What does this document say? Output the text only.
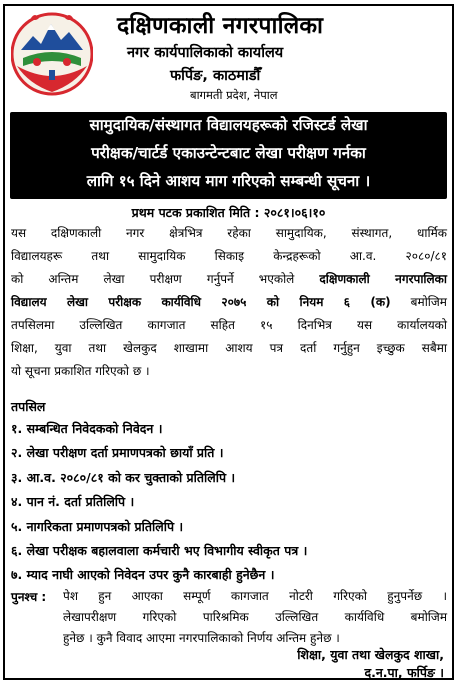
दक्षिणकाली नगरपालिका
नगर कार्यपालिकाको कार्यालय
फर्पिङ, काठमाडौँ
बागमती प्रदेश, नेपाल
सामुदायिक/संस्थागत विद्यालयहरूको रजिस्टर्ड लेखा
परीक्षक/चार्टर्ड एकाउन्टेन्टबाट लेखा परीक्षण गर्नका
लागि १५ दिने आशय माग गरिएको सम्बन्धी सूचना ।
प्रथम पटक प्रकाशित मिति : २०८१।०६।१०
यस दक्षिणकाली नगर क्षेत्रभित्र रहेका सामुदायिक, संस्थागत, धार्मिक
विद्यालयहरू तथा सामुदायिक सिकाइ केन्द्रहरूको आ.व. २०८०/८१
को अन्तिम लेखा परीक्षण गर्नुपर्ने भएकोले दक्षिणकाली नगरपालिका
विद्यालय लेखा परीक्षक कार्यविधि २०७५ को नियम ६ (क) बमोजिम
तपसिलमा उल्लिखित कागजात सहित १५ दिनभित्र यस कार्यालयको
शिक्षा, युवा तथा खेलकुद शाखामा आशय पत्र दर्ता गर्नुहुन इच्छुक सबैमा
यो सूचना प्रकाशित गरिएको छ ।
तपसिल
१. सम्बन्धित निवेदकको निवेदन ।
२. लेखा परीक्षण दर्ता प्रमाणपत्रको छायाँ प्रति ।
३. आ.व. २०८०/८१ को कर चुक्ताको प्रतिलिपि ।
४. पान नं. दर्ता प्रतिलिपि ।
५. नागरिकता प्रमाणपत्रको प्रतिलिपि ।
६. लेखा परीक्षक बहालवाला कर्मचारी भए विभागीय स्वीकृत पत्र ।
७. म्याद नाघी आएको निवेदन उपर कुनै कारबाही हुनेछैन ।
पुनश्च : पेश हुन आएका सम्पूर्ण कागजात नोटरी गरिएको हुनुपर्नेछ ।
लेखापरीक्षण गरिएको पारिश्रमिक उल्लिखित कार्यविधि बमोजिम
हुनेछ । कुनै विवाद आएमा नगरपालिकाको निर्णय अन्तिम हुनेछ ।
शिक्षा, युवा तथा खेलकुद शाखा,
द.न.पा, फर्पिङ ।
